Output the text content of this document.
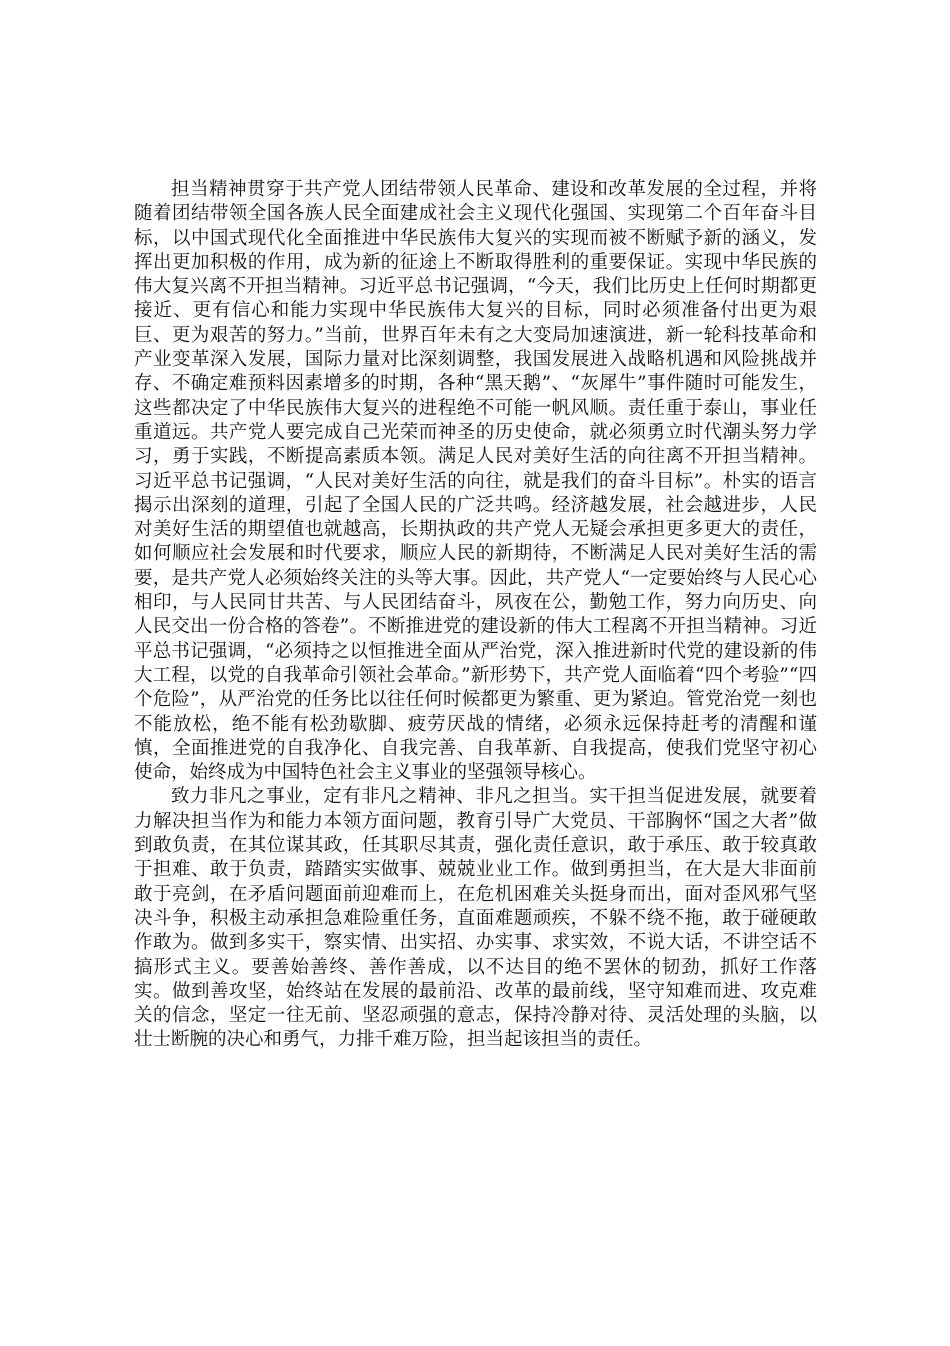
担当精神贯穿于共产党人团结带领人民革命、建设和改革发展的全过程，并将随着团结带领全国各族人民全面建成社会主义现代化强国、实现第二个百年奋斗目标，以中国式现代化全面推进中华民族伟大复兴的实现而被不断赋予新的涵义，发挥出更加积极的作用，成为新的征途上不断取得胜利的重要保证。实现中华民族的伟大复兴离不开担当精神。习近平总书记强调，“今天，我们比历史上任何时期都更接近、更有信心和能力实现中华民族伟大复兴的目标，同时必须准备付出更为艰巨、更为艰苦的努力。”当前，世界百年未有之大变局加速演进，新一轮科技革命和产业变革深入发展，国际力量对比深刻调整，我国发展进入战略机遇和风险挑战并存、不确定难预料因素增多的时期，各种“黑天鹅”、“灰犀牛”事件随时可能发生，这些都决定了中华民族伟大复兴的进程绝不可能一帆风顺。责任重于泰山，事业任重道远。共产党人要完成自己光荣而神圣的历史使命，就必须勇立时代潮头努力学习，勇于实践，不断提高素质本领。满足人民对美好生活的向往离不开担当精神。习近平总书记强调，“人民对美好生活的向往，就是我们的奋斗目标”。朴实的语言揭示出深刻的道理，引起了全国人民的广泛共鸣。经济越发展，社会越进步，人民对美好生活的期望值也就越高，长期执政的共产党人无疑会承担更多更大的责任，如何顺应社会发展和时代要求，顺应人民的新期待，不断满足人民对美好生活的需要，是共产党人必须始终关注的头等大事。因此，共产党人“一定要始终与人民心心相印，与人民同甘共苦、与人民团结奋斗，夙夜在公，勤勉工作，努力向历史、向人民交出一份合格的答卷”。不断推进党的建设新的伟大工程离不开担当精神。习近平总书记强调，“必须持之以恒推进全面从严治党，深入推进新时代党的建设新的伟大工程，以党的自我革命引领社会革命。”新形势下，共产党人面临着“四个考验”“四个危险”，从严治党的任务比以往任何时候都更为繁重、更为紧迫。管党治党一刻也不能放松，绝不能有松劲歇脚、疲劳厌战的情绪，必须永远保持赶考的清醒和谨慎，全面推进党的自我净化、自我完善、自我革新、自我提高，使我们党坚守初心使命，始终成为中国特色社会主义事业的坚强领导核心。

致力非凡之事业，定有非凡之精神、非凡之担当。实干担当促进发展，就要着力解决担当作为和能力本领方面问题，教育引导广大党员、干部胸怀“国之大者”做到敢负责，在其位谋其政，任其职尽其责，强化责任意识，敢于承压、敢于较真敢于担难、敢于负责，踏踏实实做事、兢兢业业工作。做到勇担当，在大是大非面前敢于亮剑，在矛盾问题面前迎难而上，在危机困难关头挺身而出，面对歪风邪气坚决斗争，积极主动承担急难险重任务，直面难题顽疾，不躲不绕不拖，敢于碰硬敢作敢为。做到多实干，察实情、出实招、办实事、求实效，不说大话，不讲空话不搞形式主义。要善始善终、善作善成，以不达目的绝不罢休的韧劲，抓好工作落实。做到善攻坚，始终站在发展的最前沿、改革的最前线，坚守知难而进、攻克难关的信念，坚定一往无前、坚忍顽强的意志，保持冷静对待、灵活处理的头脑，以壮士断腕的决心和勇气，力排千难万险，担当起该担当的责任。
